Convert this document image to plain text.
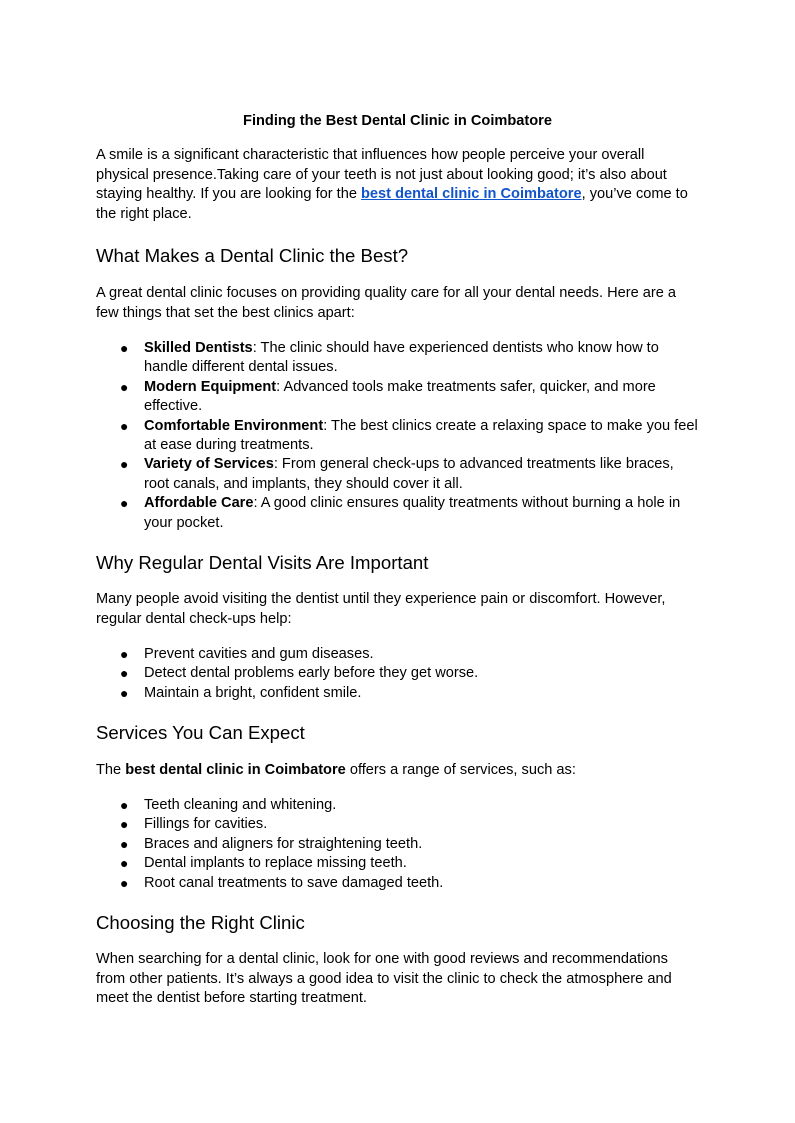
Finding the Best Dental Clinic in Coimbatore

A smile is a significant characteristic that influences how people perceive your overall physical presence.Taking care of your teeth is not just about looking good; it’s also about staying healthy. If you are looking for the best dental clinic in Coimbatore, you’ve come to the right place.

What Makes a Dental Clinic the Best?

A great dental clinic focuses on providing quality care for all your dental needs. Here are a few things that set the best clinics apart:

● Skilled Dentists: The clinic should have experienced dentists who know how to handle different dental issues.
● Modern Equipment: Advanced tools make treatments safer, quicker, and more effective.
● Comfortable Environment: The best clinics create a relaxing space to make you feel at ease during treatments.
● Variety of Services: From general check-ups to advanced treatments like braces, root canals, and implants, they should cover it all.
● Affordable Care: A good clinic ensures quality treatments without burning a hole in your pocket.
Why Regular Dental Visits Are Important

Many people avoid visiting the dentist until they experience pain or discomfort. However, regular dental check-ups help:

● Prevent cavities and gum diseases.
● Detect dental problems early before they get worse.
● Maintain a bright, confident smile.
Services You Can Expect

The best dental clinic in Coimbatore offers a range of services, such as:

● Teeth cleaning and whitening.
● Fillings for cavities.
● Braces and aligners for straightening teeth.
● Dental implants to replace missing teeth.
● Root canal treatments to save damaged teeth.
Choosing the Right Clinic

When searching for a dental clinic, look for one with good reviews and recommendations from other patients. It’s always a good idea to visit the clinic to check the atmosphere and meet the dentist before starting treatment.
